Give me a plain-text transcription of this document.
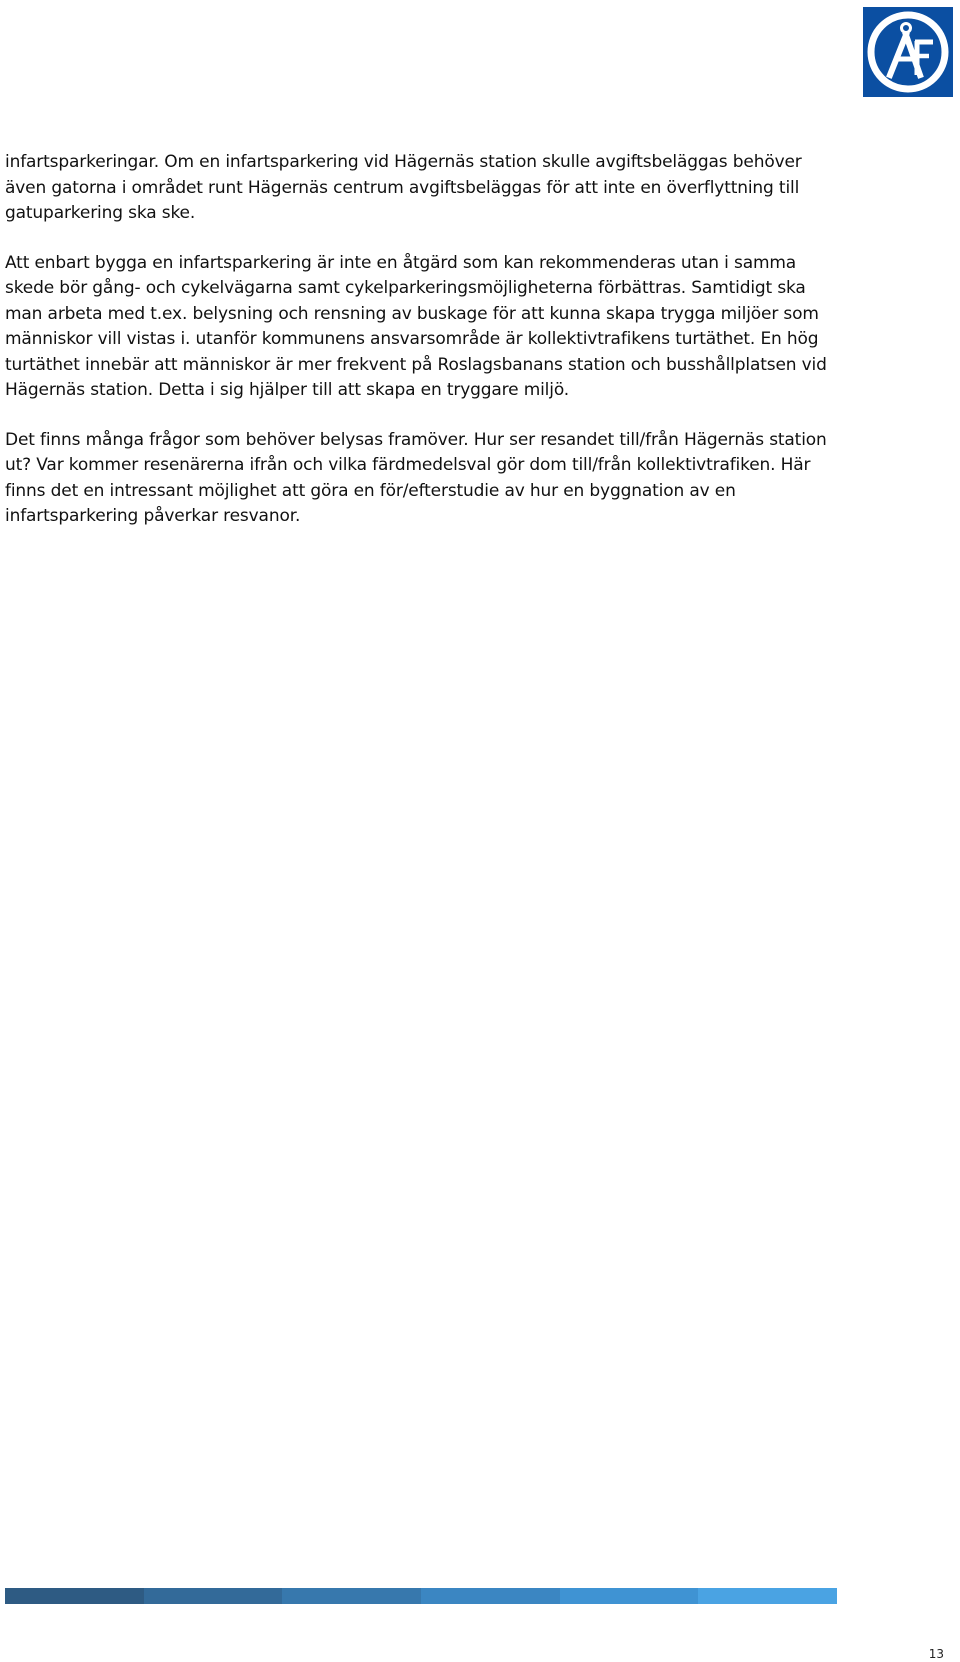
infartsparkeringar. Om en infartsparkering vid Hägernäs station skulle avgiftsbeläggas behöver även gatorna i området runt Hägernäs centrum avgiftsbeläggas för att inte en överflyttning till gatuparkering ska ske.

Att enbart bygga en infartsparkering är inte en åtgärd som kan rekommenderas utan i samma skede bör gång- och cykelvägarna samt cykelparkeringsmöjligheterna förbättras. Samtidigt ska man arbeta med t.ex. belysning och rensning av buskage för att kunna skapa trygga miljöer som människor vill vistas i. utanför kommunens ansvarsområde är kollektivtrafikens turtäthet. En hög turtäthet innebär att människor är mer frekvent på Roslagsbanans station och busshållplatsen vid Hägernäs station. Detta i sig hjälper till att skapa en tryggare miljö.

Det finns många frågor som behöver belysas framöver. Hur ser resandet till/från Hägernäs station ut? Var kommer resenärerna ifrån och vilka färdmedelsval gör dom till/från kollektivtrafiken. Här finns det en intressant möjlighet att göra en för/efterstudie av hur en byggnation av en infartsparkering påverkar resvanor.

13
